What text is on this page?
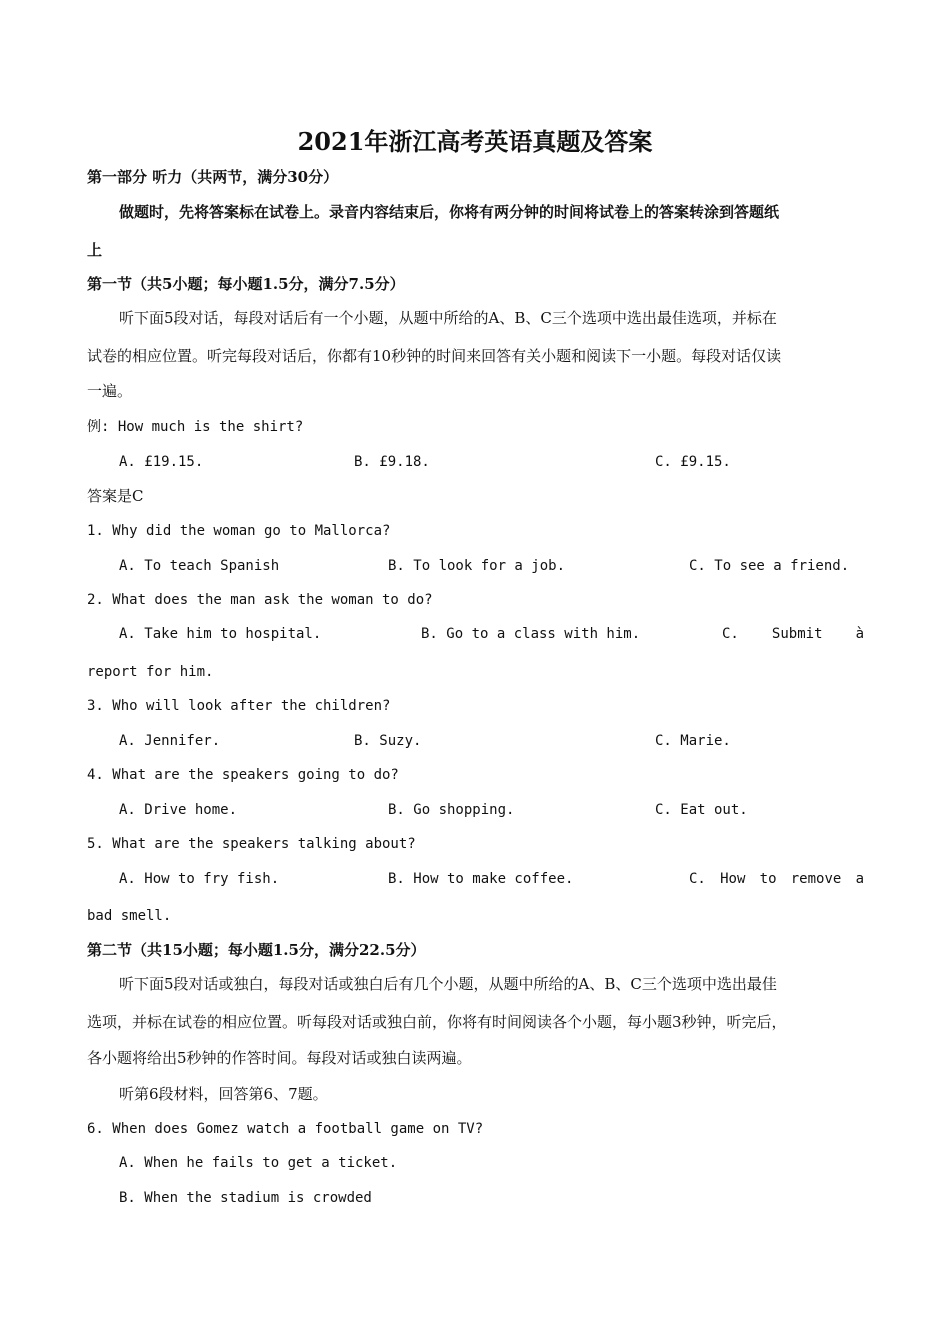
2021年浙江高考英语真题及答案
第一部分 听力（共两节，满分30分）
做题时，先将答案标在试卷上。录音内容结束后，你将有两分钟的时间将试卷上的答案转涂到答题纸
上
第一节（共5小题；每小题1.5分，满分7.5分）
听下面5段对话，每段对话后有一个小题，从题中所给的A、B、C三个选项中选出最佳选项，并标在
试卷的相应位置。听完每段对话后，你都有10秒钟的时间来回答有关小题和阅读下一小题。每段对话仅读
一遍。
例: How much is the shirt?
A. £19.15.	B. £9.18.	C. £9.15.
答案是C
1. Why did the woman go to Mallorca?
A. To teach Spanish	B. To look for a job.	C. To see a friend.
2. What does the man ask the woman to do?
A. Take him to hospital.	B. Go to a class with him.	C. Submit à
report for him.
3. Who will look after the children?
A. Jennifer.	B. Suzy.	C. Marie.
4. What are the speakers going to do?
A. Drive home.	B. Go shopping.	C. Eat out.
5. What are the speakers talking about?
A. How to fry fish.	B. How to make coffee.	C. How to remove a
bad smell.
第二节（共15小题；每小题1.5分，满分22.5分）
听下面5段对话或独白，每段对话或独白后有几个小题，从题中所给的A、B、C三个选项中选出最佳
选项，并标在试卷的相应位置。听每段对话或独白前，你将有时间阅读各个小题，每小题3秒钟，听完后，
各小题将给出5秒钟的作答时间。每段对话或独白读两遍。
听第6段材料，回答第6、7题。
6. When does Gomez watch a football game on TV?
A. When he fails to get a ticket.
B. When the stadium is crowded
